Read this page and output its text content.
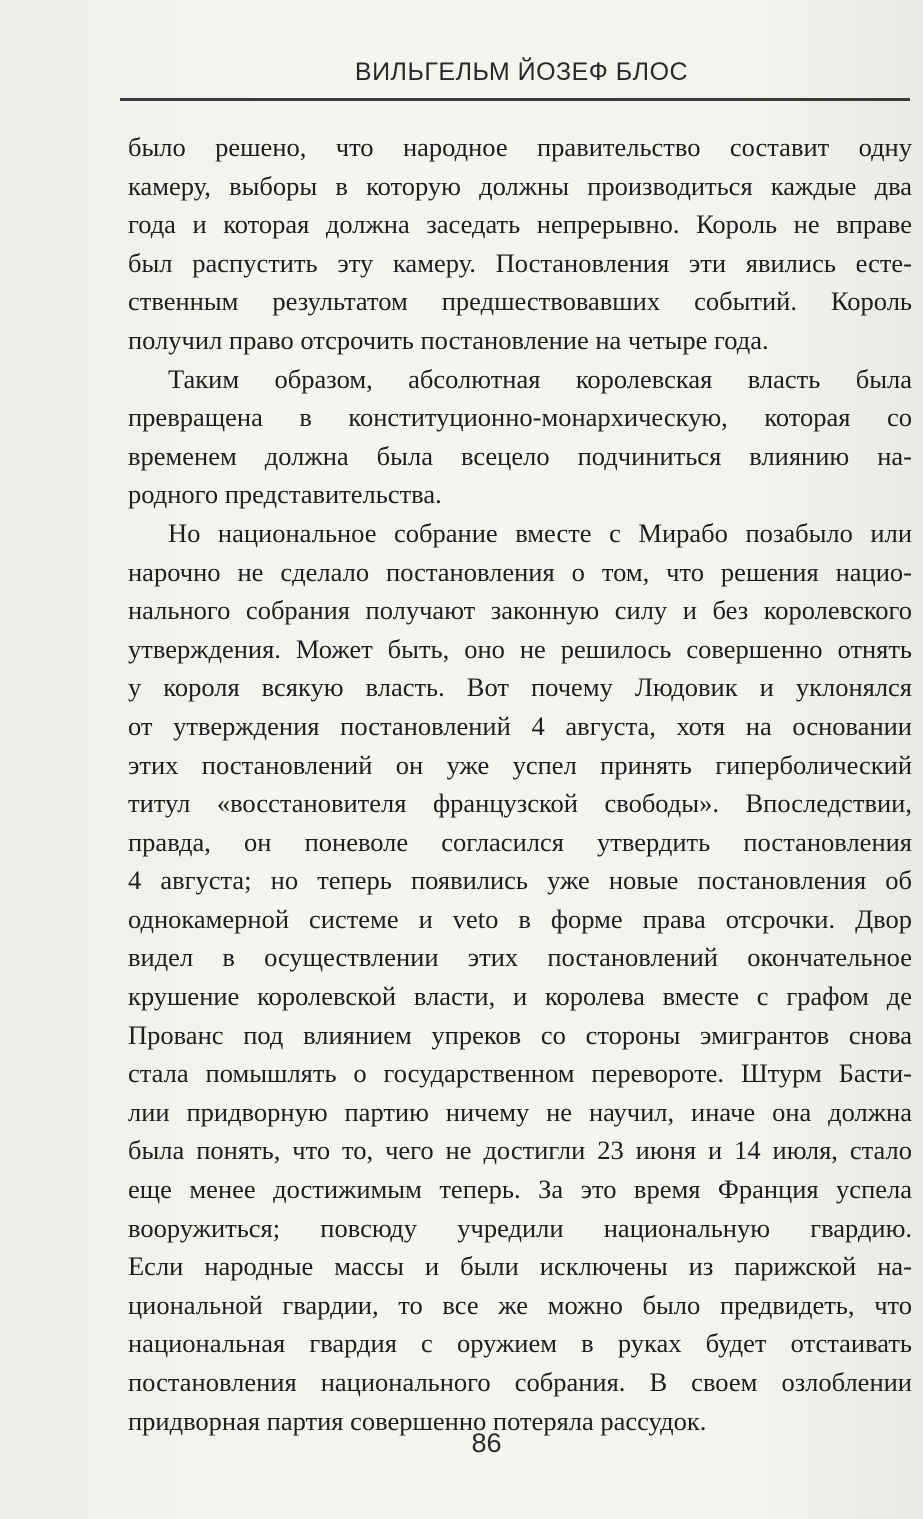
ВИЛЬГЕЛЬМ ЙОЗЕФ БЛОС
было решено, что народное правительство составит одну
камеру, выборы в которую должны производиться каждые два
года и которая должна заседать непрерывно. Король не вправе
был распустить эту камеру. Постановления эти явились есте-
ственным результатом предшествовавших событий. Король
получил право отсрочить постановление на четыре года.
Таким образом, абсолютная королевская власть была
превращена в конституционно-монархическую, которая со
временем должна была всецело подчиниться влиянию на-
родного представительства.
Но национальное собрание вместе с Мирабо позабыло или
нарочно не сделало постановления о том, что решения нацио-
нального собрания получают законную силу и без королевского
утверждения. Может быть, оно не решилось совершенно отнять
у короля всякую власть. Вот почему Людовик и уклонялся
от утверждения постановлений 4 августа, хотя на основании
этих постановлений он уже успел принять гиперболический
титул «восстановителя французской свободы». Впоследствии,
правда, он поневоле согласился утвердить постановления
4 августа; но теперь появились уже новые постановления об
однокамерной системе и veto в форме права отсрочки. Двор
видел в осуществлении этих постановлений окончательное
крушение королевской власти, и королева вместе с графом де
Прованс под влиянием упреков со стороны эмигрантов снова
стала помышлять о государственном перевороте. Штурм Басти-
лии придворную партию ничему не научил, иначе она должна
была понять, что то, чего не достигли 23 июня и 14 июля, стало
еще менее достижимым теперь. За это время Франция успела
вооружиться; повсюду учредили национальную гвардию.
Если народные массы и были исключены из парижской на-
циональной гвардии, то все же можно было предвидеть, что
национальная гвардия с оружием в руках будет отстаивать
постановления национального собрания. В своем озлоблении
придворная партия совершенно потеряла рассудок.
86
